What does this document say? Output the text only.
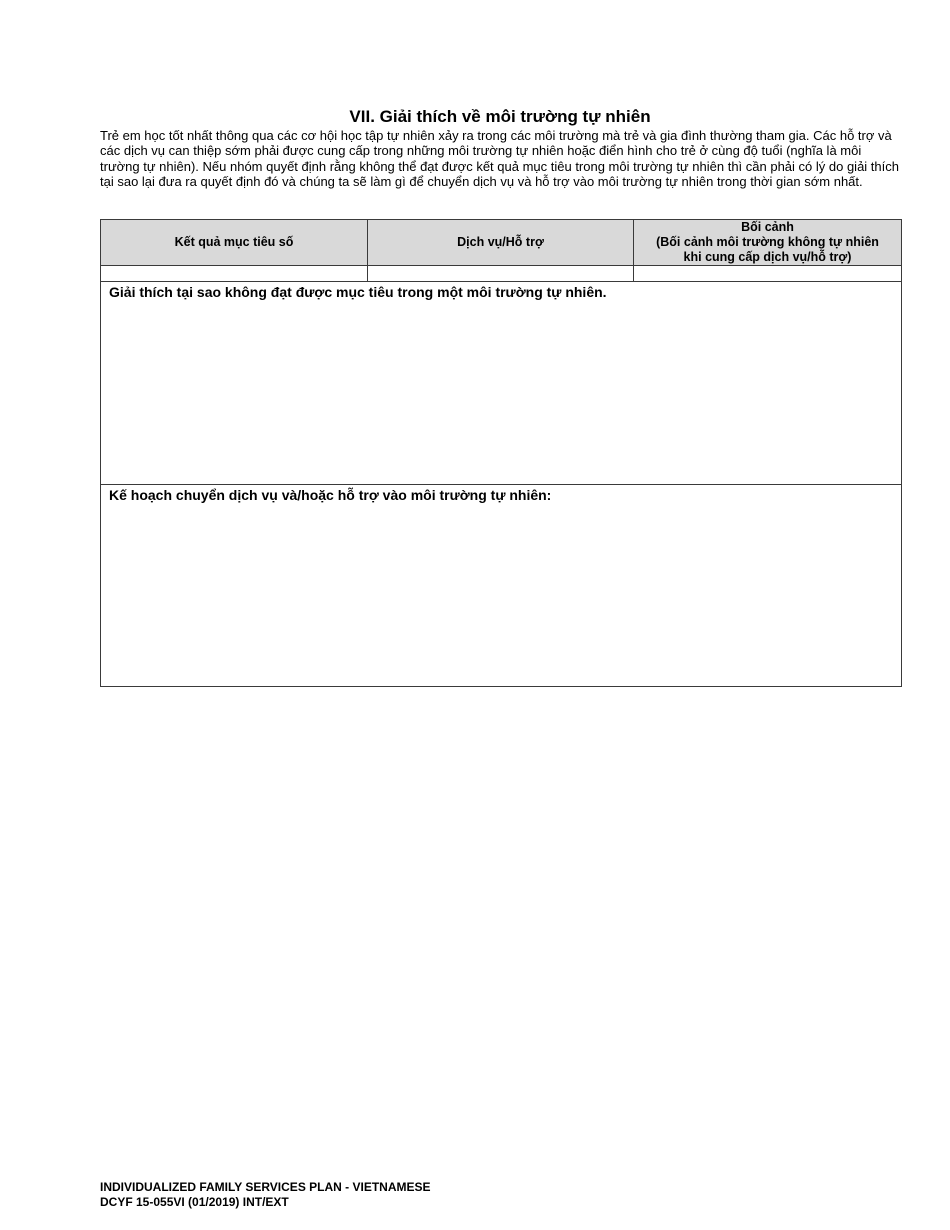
VII. Giải thích về môi trường tự nhiên
Trẻ em học tốt nhất thông qua các cơ hội học tập tự nhiên xảy ra trong các môi trường mà trẻ và gia đình thường tham gia. Các hỗ trợ và các dịch vụ can thiệp sớm phải được cung cấp trong những môi trường tự nhiên hoặc điển hình cho trẻ ở cùng độ tuổi (nghĩa là môi trường tự nhiên). Nếu nhóm quyết định rằng không thể đạt được kết quả mục tiêu trong môi trường tự nhiên thì cần phải có lý do giải thích tại sao lại đưa ra quyết định đó và chúng ta sẽ làm gì để chuyển dịch vụ và hỗ trợ vào môi trường tự nhiên trong thời gian sớm nhất.
Kết quả mục tiêu số	Dịch vụ/Hỗ trợ	Bối cảnh
(Bối cảnh môi trường không tự nhiên
khi cung cấp dịch vụ/hỗ trợ)

Giải thích tại sao không đạt được mục tiêu trong một môi trường tự nhiên.		

Kế hoạch chuyển dịch vụ và/hoặc hỗ trợ vào môi trường tự nhiên:		
INDIVIDUALIZED FAMILY SERVICES PLAN - VIETNAMESE
DCYF 15-055VI (01/2019) INT/EXT
